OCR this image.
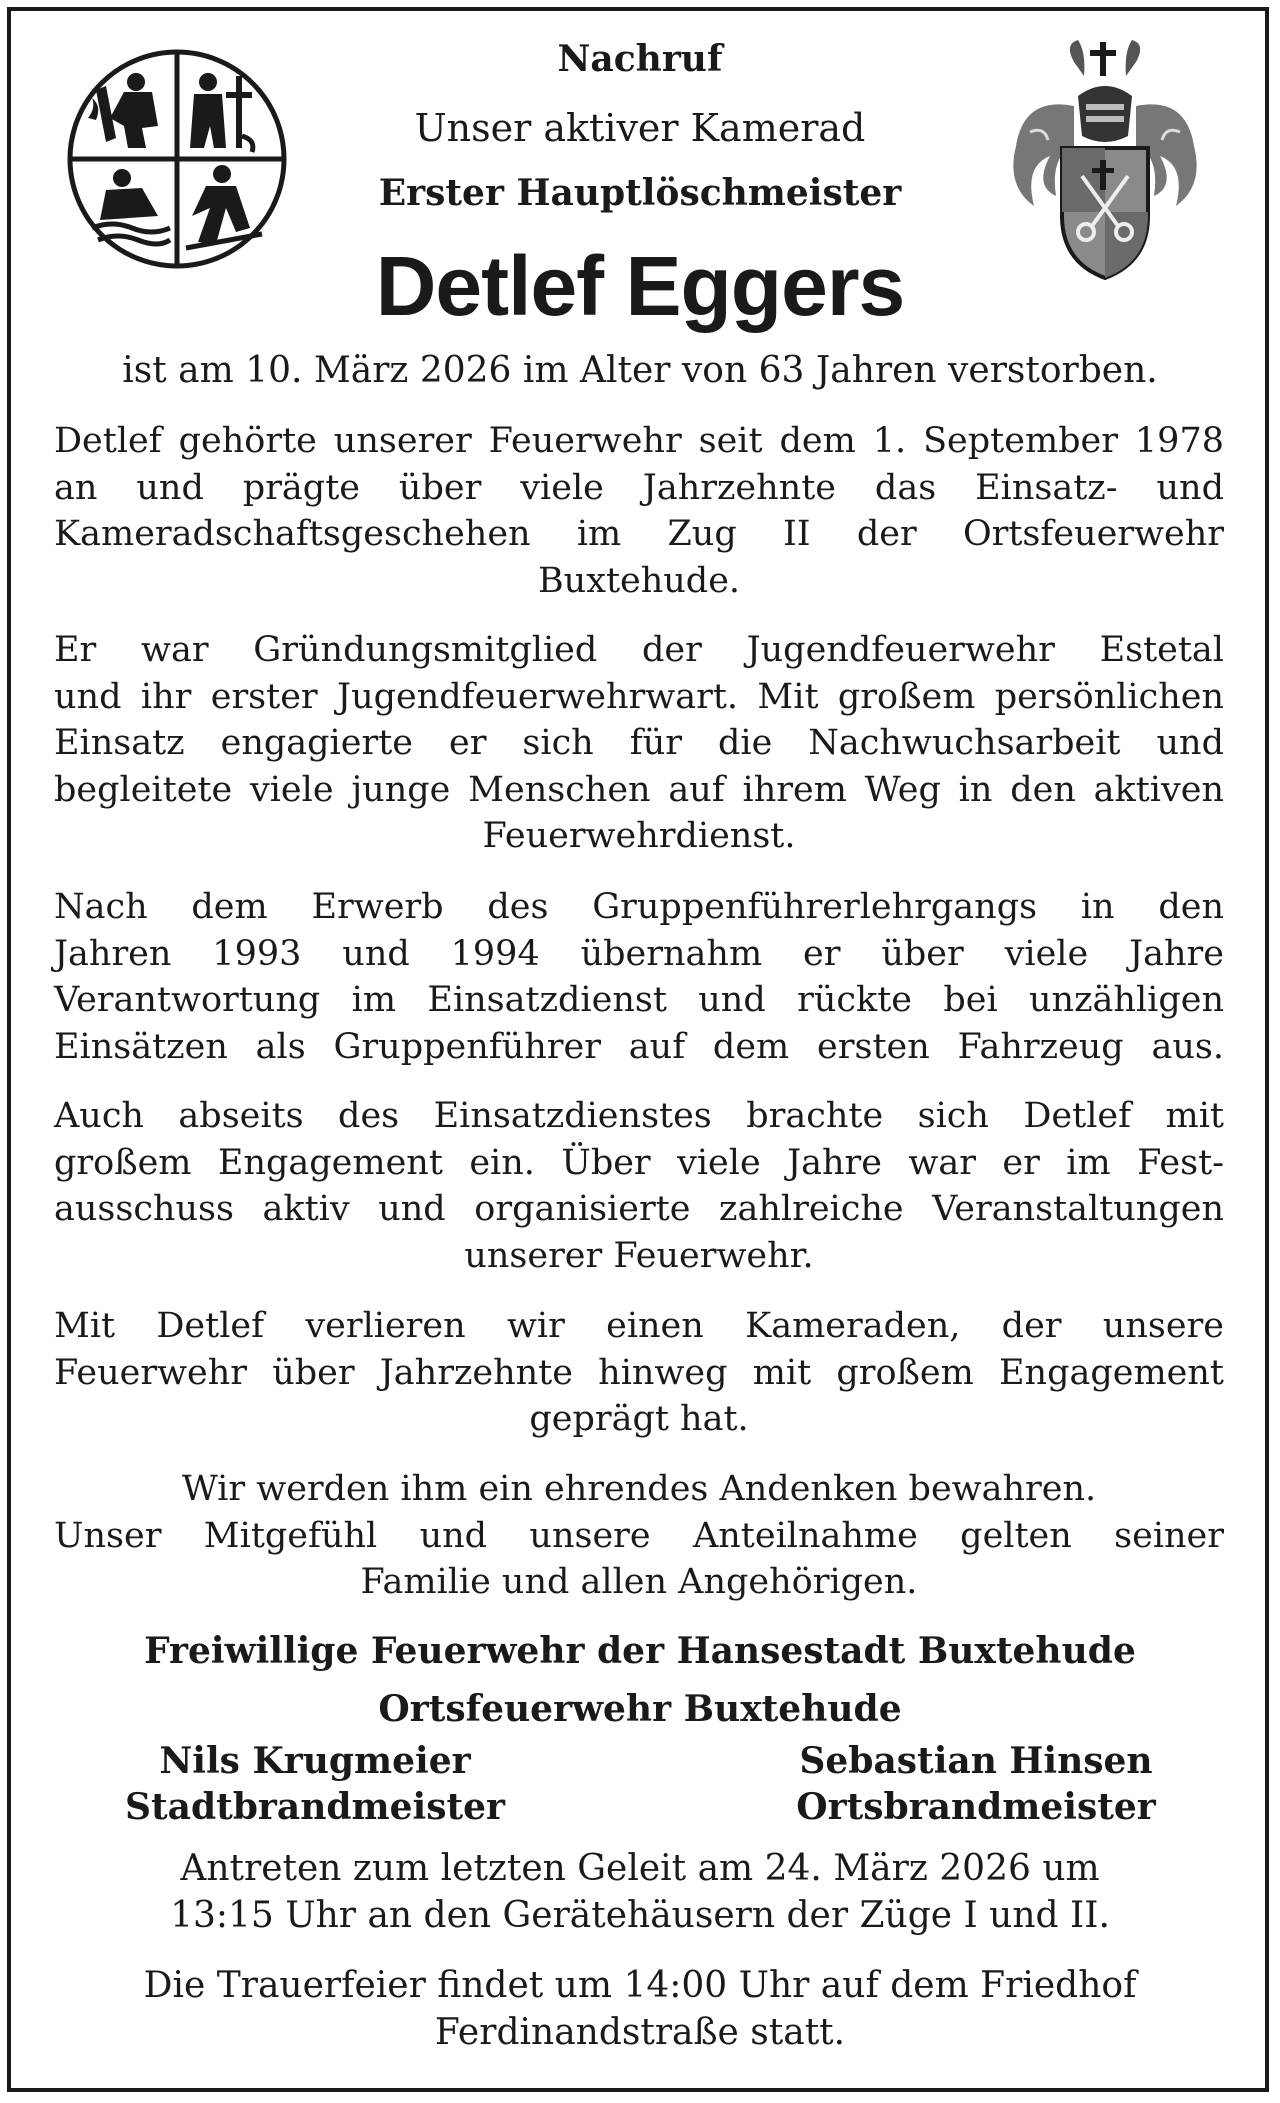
Nachruf
Unser aktiver Kamerad
Erster Hauptlöschmeister
Detlef Eggers
ist am 10. März 2026 im Alter von 63 Jahren verstorben.
Detlef gehörte unserer Feuerwehr seit dem 1. September 1978
an und prägte über viele Jahrzehnte das Einsatz- und
Kameradschaftsgeschehen im Zug II der Ortsfeuerwehr
Buxtehude.
Er war Gründungsmitglied der Jugendfeuerwehr Estetal
und ihr erster Jugendfeuerwehrwart. Mit großem persönlichen
Einsatz engagierte er sich für die Nachwuchsarbeit und
begleitete viele junge Menschen auf ihrem Weg in den aktiven
Feuerwehrdienst.
Nach dem Erwerb des Gruppenführerlehrgangs in den
Jahren 1993 und 1994 übernahm er über viele Jahre
Verantwortung im Einsatzdienst und rückte bei unzähligen
Einsätzen als Gruppenführer auf dem ersten Fahrzeug aus.
Auch abseits des Einsatzdienstes brachte sich Detlef mit
großem Engagement ein. Über viele Jahre war er im Fest-
ausschuss aktiv und organisierte zahlreiche Veranstaltungen
unserer Feuerwehr.
Mit Detlef verlieren wir einen Kameraden, der unsere
Feuerwehr über Jahrzehnte hinweg mit großem Engagement
geprägt hat.
Wir werden ihm ein ehrendes Andenken bewahren.
Unser Mitgefühl und unsere Anteilnahme gelten seiner
Familie und allen Angehörigen.
Freiwillige Feuerwehr der Hansestadt Buxtehude
Ortsfeuerwehr Buxtehude
Nils Krugmeier
Stadtbrandmeister
Sebastian Hinsen
Ortsbrandmeister
Antreten zum letzten Geleit am 24. März 2026 um
13:15 Uhr an den Gerätehäusern der Züge I und II.
Die Trauerfeier findet um 14:00 Uhr auf dem Friedhof
Ferdinandstraße statt.
